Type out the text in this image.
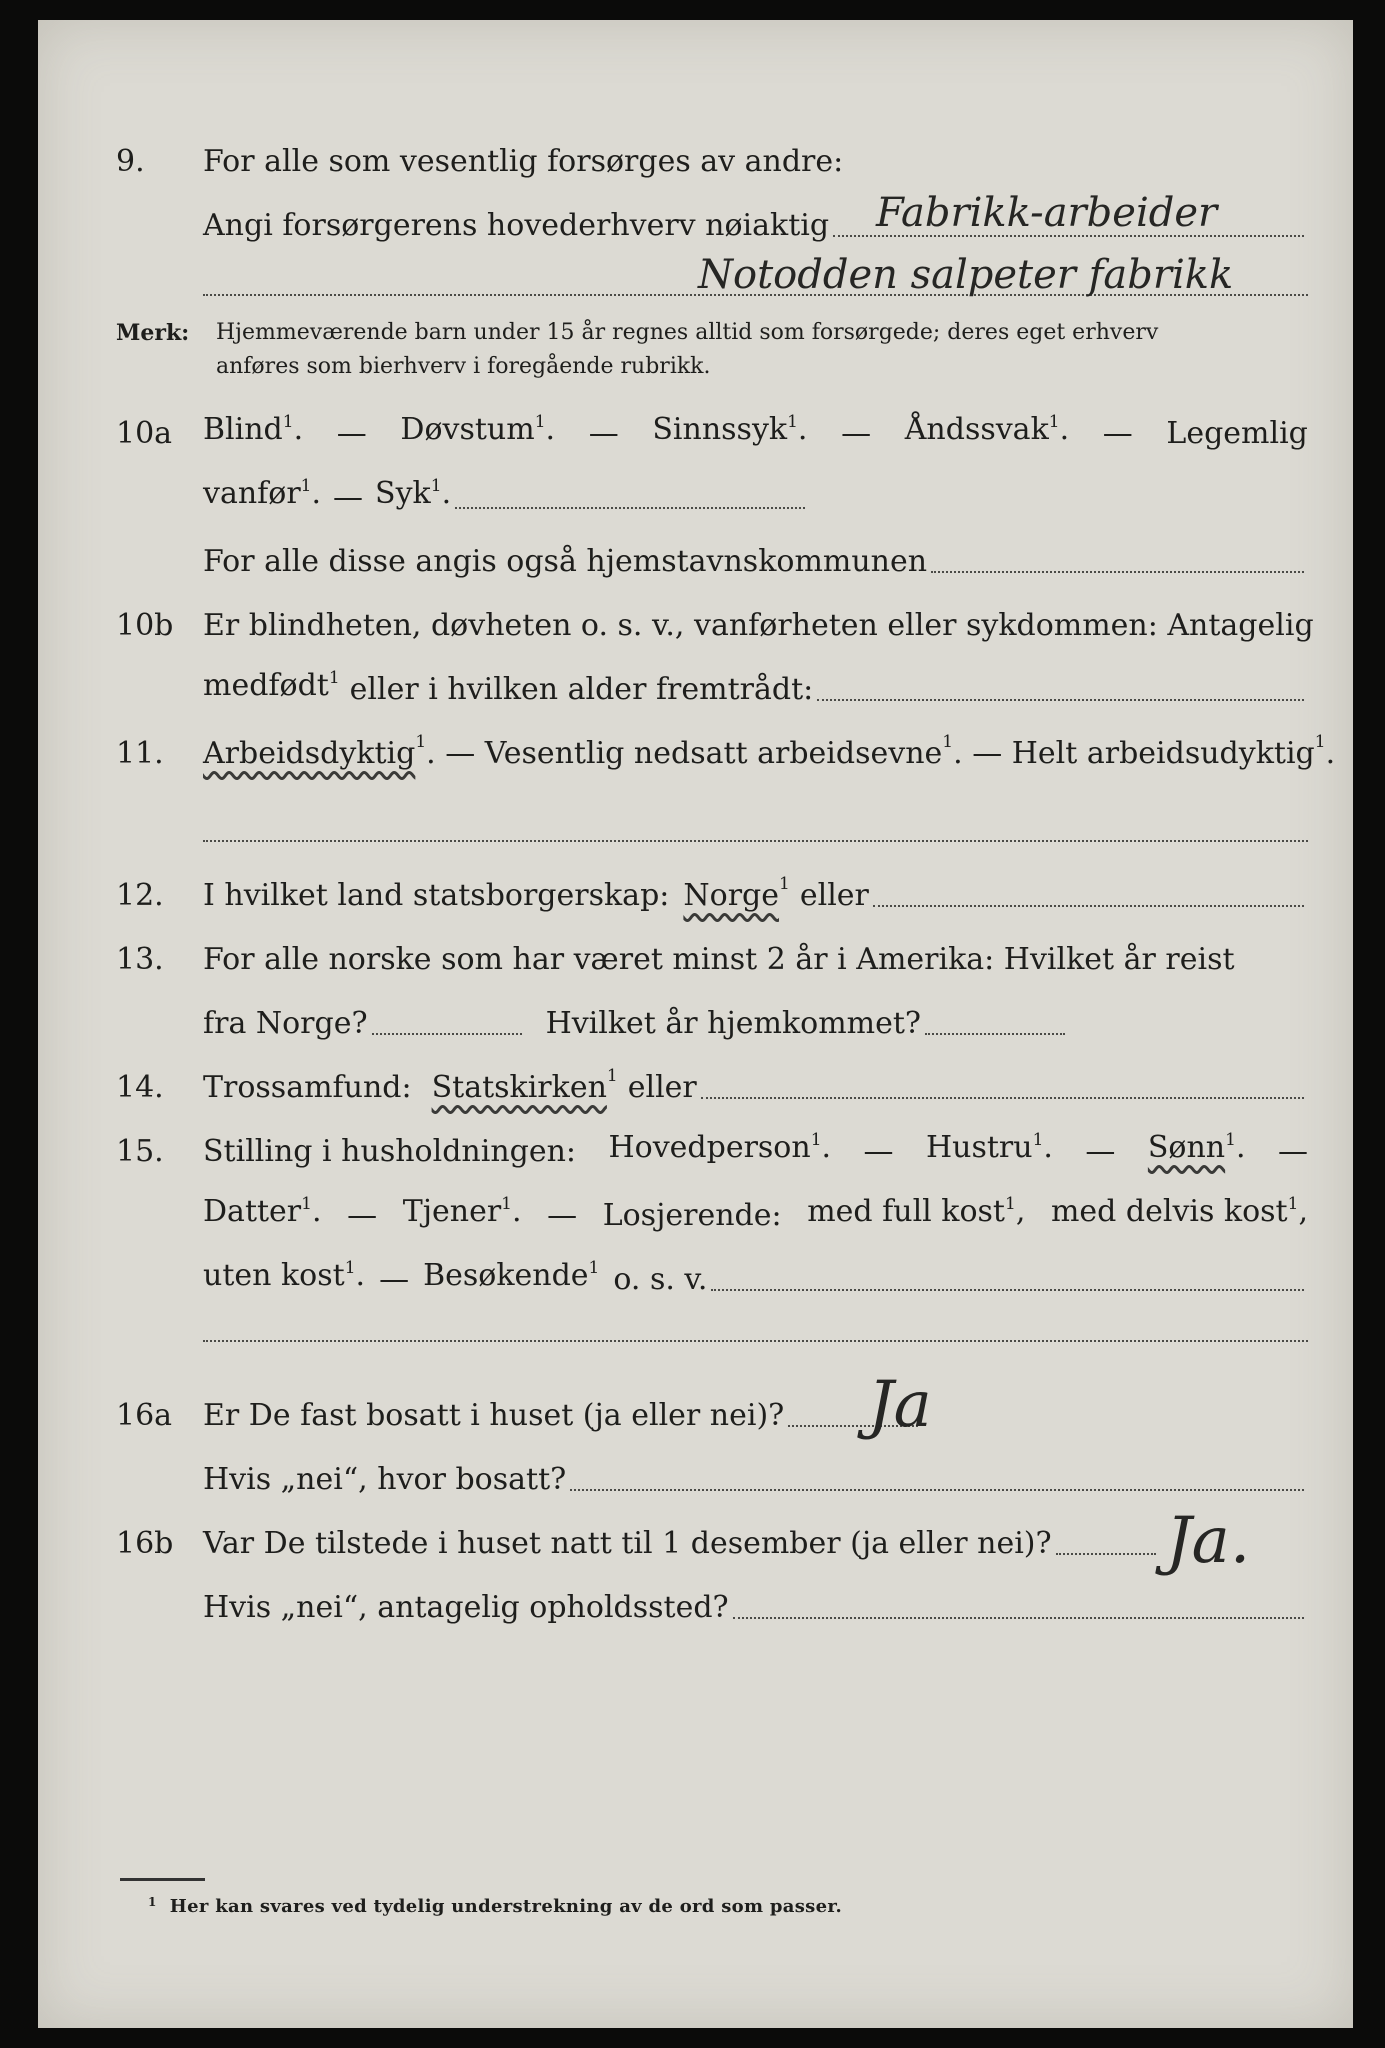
9. For alle som vesentlig forsørges av andre:
Angi forsørgerens hovederhverv nøiaktig Fabrikk-arbeider
Notodden salpeter fabrikk
Merk: Hjemmeværende barn under 15 år regnes alltid som forsørgede; deres eget erhverv
anføres som bierhverv i foregående rubrikk.
10a Blind$^1$. — Døvstum$^1$. — Sinnssyk$^1$. — Åndssvak$^1$. — Legemlig
vanfør$^1$. — Syk$^1$.
For alle disse angis også hjemstavnskommunen
10b Er blindheten, døvheten o. s. v., vanførheten eller sykdommen: Antagelig
medfødt$^1$ eller i hvilken alder fremtrådt:
11. Arbeidsdyktig 1 . —
Vesentlig nedsatt arbeidsevne 1 . —
Helt arbeidsudyktig 1 .
12. I hvilket land statsborgerskap: Norge 1 eller
13. For alle norske som har været minst 2 år i Amerika: Hvilket år reist
fra Norge?	Hvilket år hjemkommet?
14. Trossamfund: Statskirken 1 eller
15. Stilling i husholdningen: Hovedperson$^1$. — Hustru$^1$. — Sønn$^1$. —
Datter$^1$. — Tjener$^1$. — Losjerende: med full kost$^1$, med delvis kost$^1$,
uten kost$^1$. — Besøkende$^1$ o. s. v.
16a Er De fast bosatt i huset (ja eller nei)? Ja
Hvis „nei“, hvor bosatt?
16b Var De tilstede i huset natt til 1 desember (ja eller nei)? Ja.
Hvis „nei“, antagelig opholdssted?
$^1$ Her kan svares ved tydelig understrekning av de ord som passer.
